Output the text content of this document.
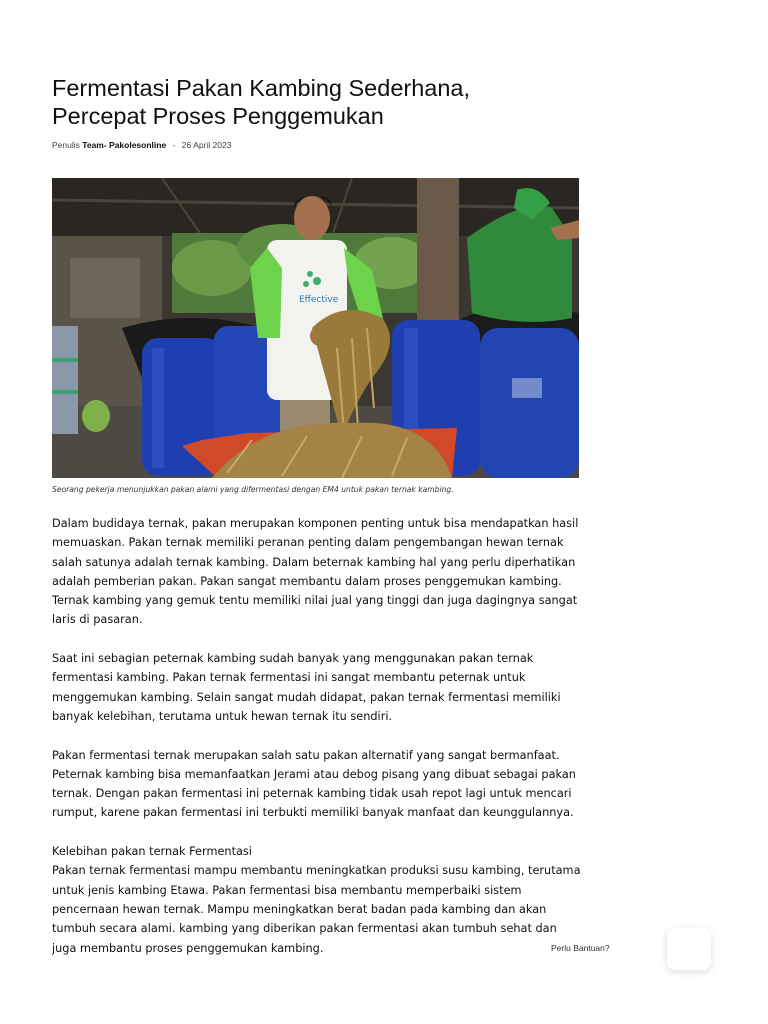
Fermentasi Pakan Kambing Sederhana,
Percepat Proses Penggemukan
Penulis Team- Pakolesonline - 26 April 2023
Effective
Seorang pekerja menunjukkan pakan alami yang difermentasi dengan EM4 untuk pakan ternak kambing.

Dalam budidaya ternak, pakan merupakan komponen penting untuk bisa mendapatkan hasil memuaskan. Pakan ternak memiliki peranan penting dalam pengembangan hewan ternak salah satunya adalah ternak kambing. Dalam beternak kambing hal yang perlu diperhatikan adalah pemberian pakan. Pakan sangat membantu dalam proses penggemukan kambing. Ternak kambing yang gemuk tentu memiliki nilai jual yang tinggi dan juga dagingnya sangat laris di pasaran.

Saat ini sebagian peternak kambing sudah banyak yang menggunakan pakan ternak fermentasi kambing. Pakan ternak fermentasi ini sangat membantu peternak untuk menggemukan kambing. Selain sangat mudah didapat, pakan ternak fermentasi memiliki banyak kelebihan, terutama untuk hewan ternak itu sendiri.

Pakan fermentasi ternak merupakan salah satu pakan alternatif yang sangat bermanfaat. Peternak kambing bisa memanfaatkan Jerami atau debog pisang yang dibuat sebagai pakan ternak. Dengan pakan fermentasi ini peternak kambing tidak usah repot lagi untuk mencari rumput, karene pakan fermentasi ini terbukti memiliki banyak manfaat dan keunggulannya.

Kelebihan pakan ternak Fermentasi

Pakan ternak fermentasi mampu membantu meningkatkan produksi susu kambing, terutama untuk jenis kambing Etawa. Pakan fermentasi bisa membantu memperbaiki sistem pencernaan hewan ternak. Mampu meningkatkan berat badan pada kambing dan akan tumbuh secara alami. kambing yang diberikan pakan fermentasi akan tumbuh sehat dan juga membantu proses penggemukan kambing.	Perlu Bantuan?
